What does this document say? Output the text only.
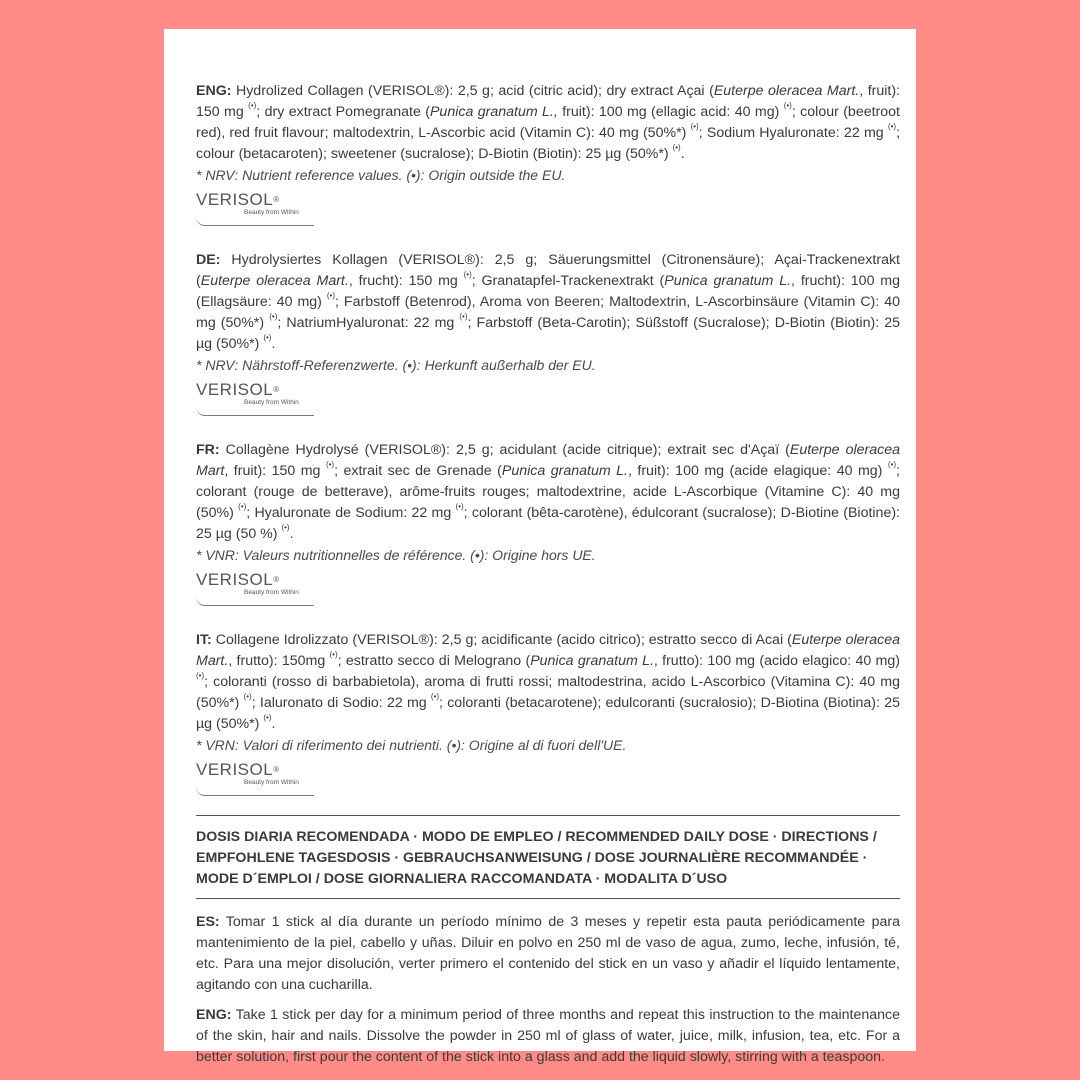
ENG: Hydrolized Collagen (VERISOL®): 2,5 g; acid (citric acid); dry extract Açai (Euterpe oleracea Mart., fruit): 150 mg (•); dry extract Pomegranate (Punica granatum L., fruit): 100 mg (ellagic acid: 40 mg) (•); colour (beetroot red), red fruit flavour; maltodextrin, L-Ascorbic acid (Vitamin C): 40 mg (50%*) (•); Sodium Hyaluronate: 22 mg (•); colour (betacaroten); sweetener (sucralose); D-Biotin (Biotin): 25 µg (50%*) (•).

* NRV: Nutrient reference values. (•): Origin outside the EU.

VERISOL®
Beauty from Within

DE: Hydrolysiertes Kollagen (VERISOL®): 2,5 g; Säuerungsmittel (Citronensäure); Açai-Trackenextrakt (Euterpe oleracea Mart., frucht): 150 mg (•); Granatapfel-Trackenextrakt (Punica granatum L., frucht): 100 mg (Ellagsäure: 40 mg) (•); Farbstoff (Betenrod), Aroma von Beeren; Maltodextrin, L-Ascorbinsäure (Vitamin C): 40 mg (50%*) (•); NatriumHyaluronat: 22 mg (•); Farbstoff (Beta-Carotin); Süßstoff (Sucralose); D-Biotin (Biotin): 25 µg (50%*) (•).

* NRV: Nährstoff-Referenzwerte. (•): Herkunft außerhalb der EU.

VERISOL®
Beauty from Within

FR: Collagène Hydrolysé (VERISOL®): 2,5 g; acidulant (acide citrique); extrait sec d'Açaï (Euterpe oleracea Mart, fruit): 150 mg (•); extrait sec de Grenade (Punica granatum L., fruit): 100 mg (acide elagique: 40 mg) (•); colorant (rouge de betterave), arôme-fruits rouges; maltodextrine, acide L-Ascorbique (Vitamine C): 40 mg (50%) (•); Hyaluronate de Sodium: 22 mg (•); colorant (bêta-carotène), édulcorant (sucralose); D-Biotine (Biotine): 25 µg (50 %) (•).

* VNR: Valeurs nutritionnelles de référence. (•): Origine hors UE.

VERISOL®
Beauty from Within

IT: Collagene Idrolizzato (VERISOL®): 2,5 g; acidificante (acido citrico); estratto secco di Acai (Euterpe oleracea Mart., frutto): 150mg (•); estratto secco di Melograno (Punica granatum L., frutto): 100 mg (acido elagico: 40 mg) (•); coloranti (rosso di barbabietola), aroma di frutti rossi; maltodestrina, acido L-Ascorbico (Vitamina C): 40 mg (50%*) (•); Ialuronato di Sodio: 22 mg (•); coloranti (betacarotene); edulcoranti (sucralosio); D-Biotina (Biotina): 25 µg (50%*) (•).

* VRN: Valori di riferimento dei nutrienti. (•): Origine al di fuori dell'UE.

VERISOL®
Beauty from Within
DOSIS DIARIA RECOMENDADA · MODO DE EMPLEO / RECOMMENDED DAILY DOSE · DIRECTIONS /
EMPFOHLENE TAGESDOSIS · GEBRAUCHSANWEISUNG / DOSE JOURNALIÈRE RECOMMANDÉE ·
MODE D´EMPLOI / DOSE GIORNALIERA RACCOMANDATA · MODALITA D´USO

ES: Tomar 1 stick al día durante un período mínimo de 3 meses y repetir esta pauta periódicamente para mantenimiento de la piel, cabello y uñas. Diluir en polvo en 250 ml de vaso de agua, zumo, leche, infusión, té, etc. Para una mejor disolución, verter primero el contenido del stick en un vaso y añadir el líquido lentamente, agitando con una cucharilla.

ENG: Take 1 stick per day for a minimum period of three months and repeat this instruction to the maintenance of the skin, hair and nails. Dissolve the powder in 250 ml of glass of water, juice, milk, infusion, tea, etc. For a better solution, first pour the content of the stick into a glass and add the liquid slowly, stirring with a teaspoon.
